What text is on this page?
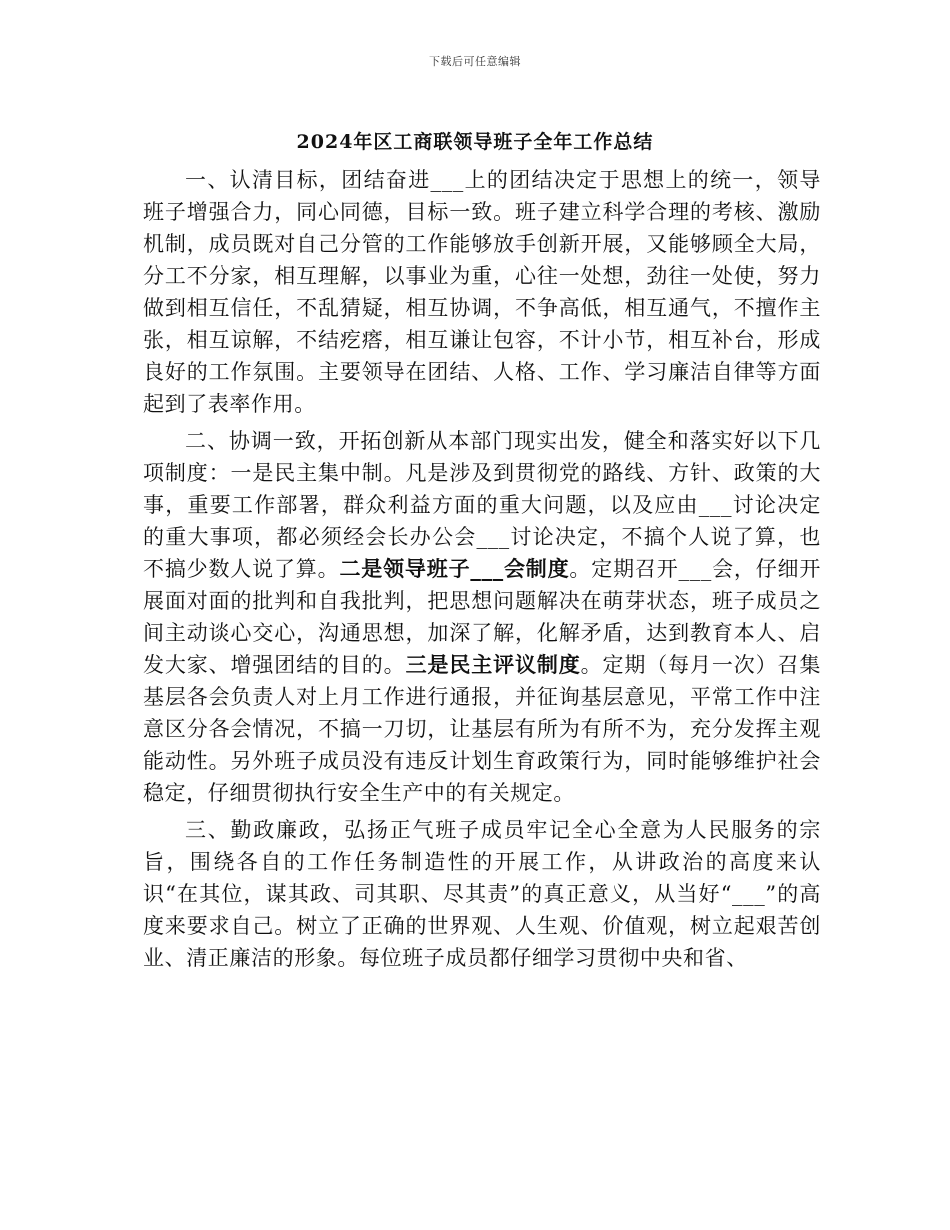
下载后可任意编辑
2024年区工商联领导班子全年工作总结

一、认清目标，团结奋进___上的团结决定于思想上的统一，领导班子增强合力，同心同德，目标一致。班子建立科学合理的考核、激励机制，成员既对自己分管的工作能够放手创新开展，又能够顾全大局，分工不分家，相互理解，以事业为重，心往一处想，劲往一处使，努力做到相互信任，不乱猜疑，相互协调，不争高低，相互通气，不擅作主张，相互谅解，不结疙瘩，相互谦让包容，不计小节，相互补台，形成良好的工作氛围。主要领导在团结、人格、工作、学习廉洁自律等方面起到了表率作用。

二、协调一致，开拓创新从本部门现实出发，健全和落实好以下几项制度：一是民主集中制。凡是涉及到贯彻党的路线、方针、政策的大事，重要工作部署，群众利益方面的重大问题，以及应由___讨论决定的重大事项，都必须经会长办公会___讨论决定，不搞个人说了算，也不搞少数人说了算。二是领导班子___会制度。定期召开___会，仔细开展面对面的批判和自我批判，把思想问题解决在萌芽状态，班子成员之间主动谈心交心，沟通思想，加深了解，化解矛盾，达到教育本人、启发大家、增强团结的目的。三是民主评议制度。定期（每月一次）召集基层各会负责人对上月工作进行通报，并征询基层意见，平常工作中注意区分各会情况，不搞一刀切，让基层有所为有所不为，充分发挥主观能动性。另外班子成员没有违反计划生育政策行为，同时能够维护社会稳定，仔细贯彻执行安全生产中的有关规定。

三、勤政廉政，弘扬正气班子成员牢记全心全意为人民服务的宗旨，围绕各自的工作任务制造性的开展工作，从讲政治的高度来认识“在其位，谋其政、司其职、尽其责”的真正意义，从当好“___”的高度来要求自己。树立了正确的世界观、人生观、价值观，树立起艰苦创业、清正廉洁的形象。每位班子成员都仔细学习贯彻中央和省、
